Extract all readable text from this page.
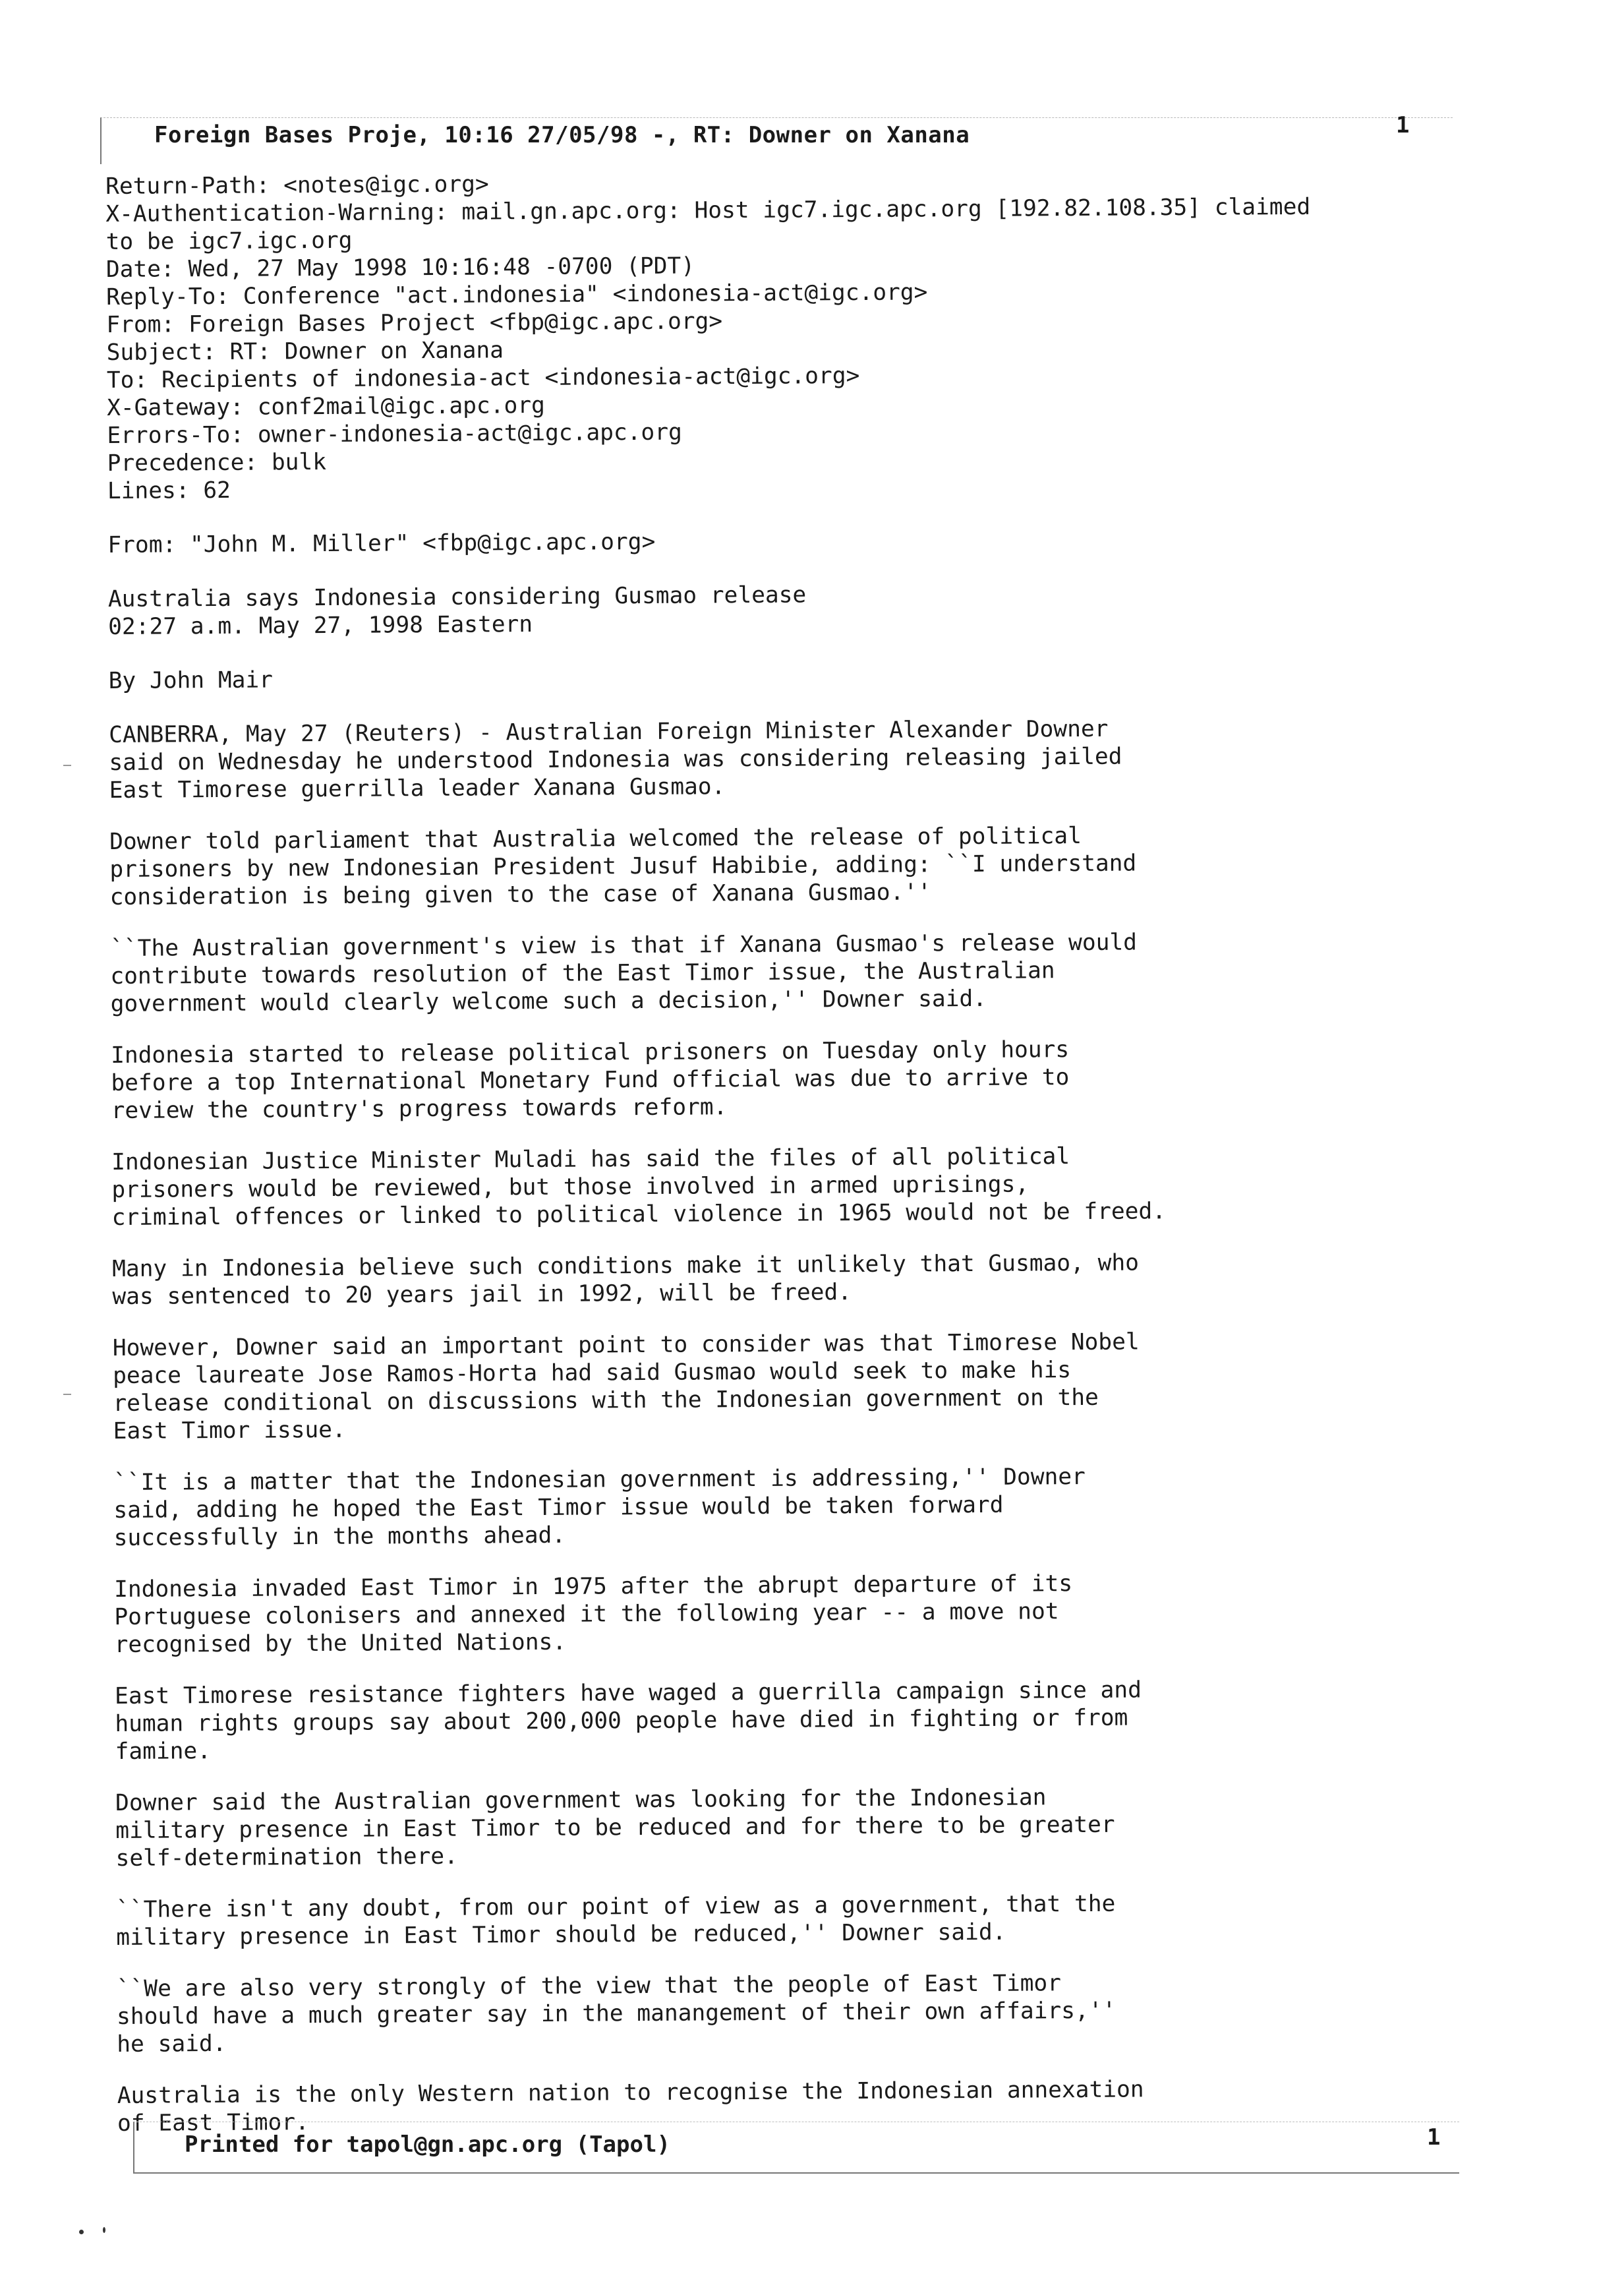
Foreign Bases Proje, 10:16 27/05/98 -, RT: Downer on Xanana	1
Return-Path: <notes@igc.org>
X-Authentication-Warning: mail.gn.apc.org: Host igc7.igc.apc.org [192.82.108.35] claimed
to be igc7.igc.org
Date: Wed, 27 May 1998 10:16:48 -0700 (PDT)
Reply-To: Conference "act.indonesia" <indonesia-act@igc.org>
From: Foreign Bases Project <fbp@igc.apc.org>
Subject: RT: Downer on Xanana
To: Recipients of indonesia-act <indonesia-act@igc.org>
X-Gateway: conf2mail@igc.apc.org
Errors-To: owner-indonesia-act@igc.apc.org
Precedence: bulk
Lines: 62
From: "John M. Miller" <fbp@igc.apc.org>
Australia says Indonesia considering Gusmao release
02:27 a.m. May 27, 1998 Eastern
By John Mair

CANBERRA, May 27 (Reuters) - Australian Foreign Minister Alexander Downer
said on Wednesday he understood Indonesia was considering releasing jailed
East Timorese guerrilla leader Xanana Gusmao.

Downer told parliament that Australia welcomed the release of political
prisoners by new Indonesian President Jusuf Habibie, adding: ``I understand
consideration is being given to the case of Xanana Gusmao.''

``The Australian government's view is that if Xanana Gusmao's release would
contribute towards resolution of the East Timor issue, the Australian
government would clearly welcome such a decision,'' Downer said.

Indonesia started to release political prisoners on Tuesday only hours
before a top International Monetary Fund official was due to arrive to
review the country's progress towards reform.

Indonesian Justice Minister Muladi has said the files of all political
prisoners would be reviewed, but those involved in armed uprisings,
criminal offences or linked to political violence in 1965 would not be freed.

Many in Indonesia believe such conditions make it unlikely that Gusmao, who
was sentenced to 20 years jail in 1992, will be freed.

However, Downer said an important point to consider was that Timorese Nobel
peace laureate Jose Ramos-Horta had said Gusmao would seek to make his
release conditional on discussions with the Indonesian government on the
East Timor issue.

``It is a matter that the Indonesian government is addressing,'' Downer
said, adding he hoped the East Timor issue would be taken forward
successfully in the months ahead.

Indonesia invaded East Timor in 1975 after the abrupt departure of its
Portuguese colonisers and annexed it the following year -- a move not
recognised by the United Nations.

East Timorese resistance fighters have waged a guerrilla campaign since and
human rights groups say about 200,000 people have died in fighting or from
famine.

Downer said the Australian government was looking for the Indonesian
military presence in East Timor to be reduced and for there to be greater
self-determination there.

``There isn't any doubt, from our point of view as a government, that the
military presence in East Timor should be reduced,'' Downer said.

``We are also very strongly of the view that the people of East Timor
should have a much greater say in the manangement of their own affairs,''
he said.

Australia is the only Western nation to recognise the Indonesian annexation
of East Timor.

Printed for tapol@gn.apc.org (Tapol)	1
